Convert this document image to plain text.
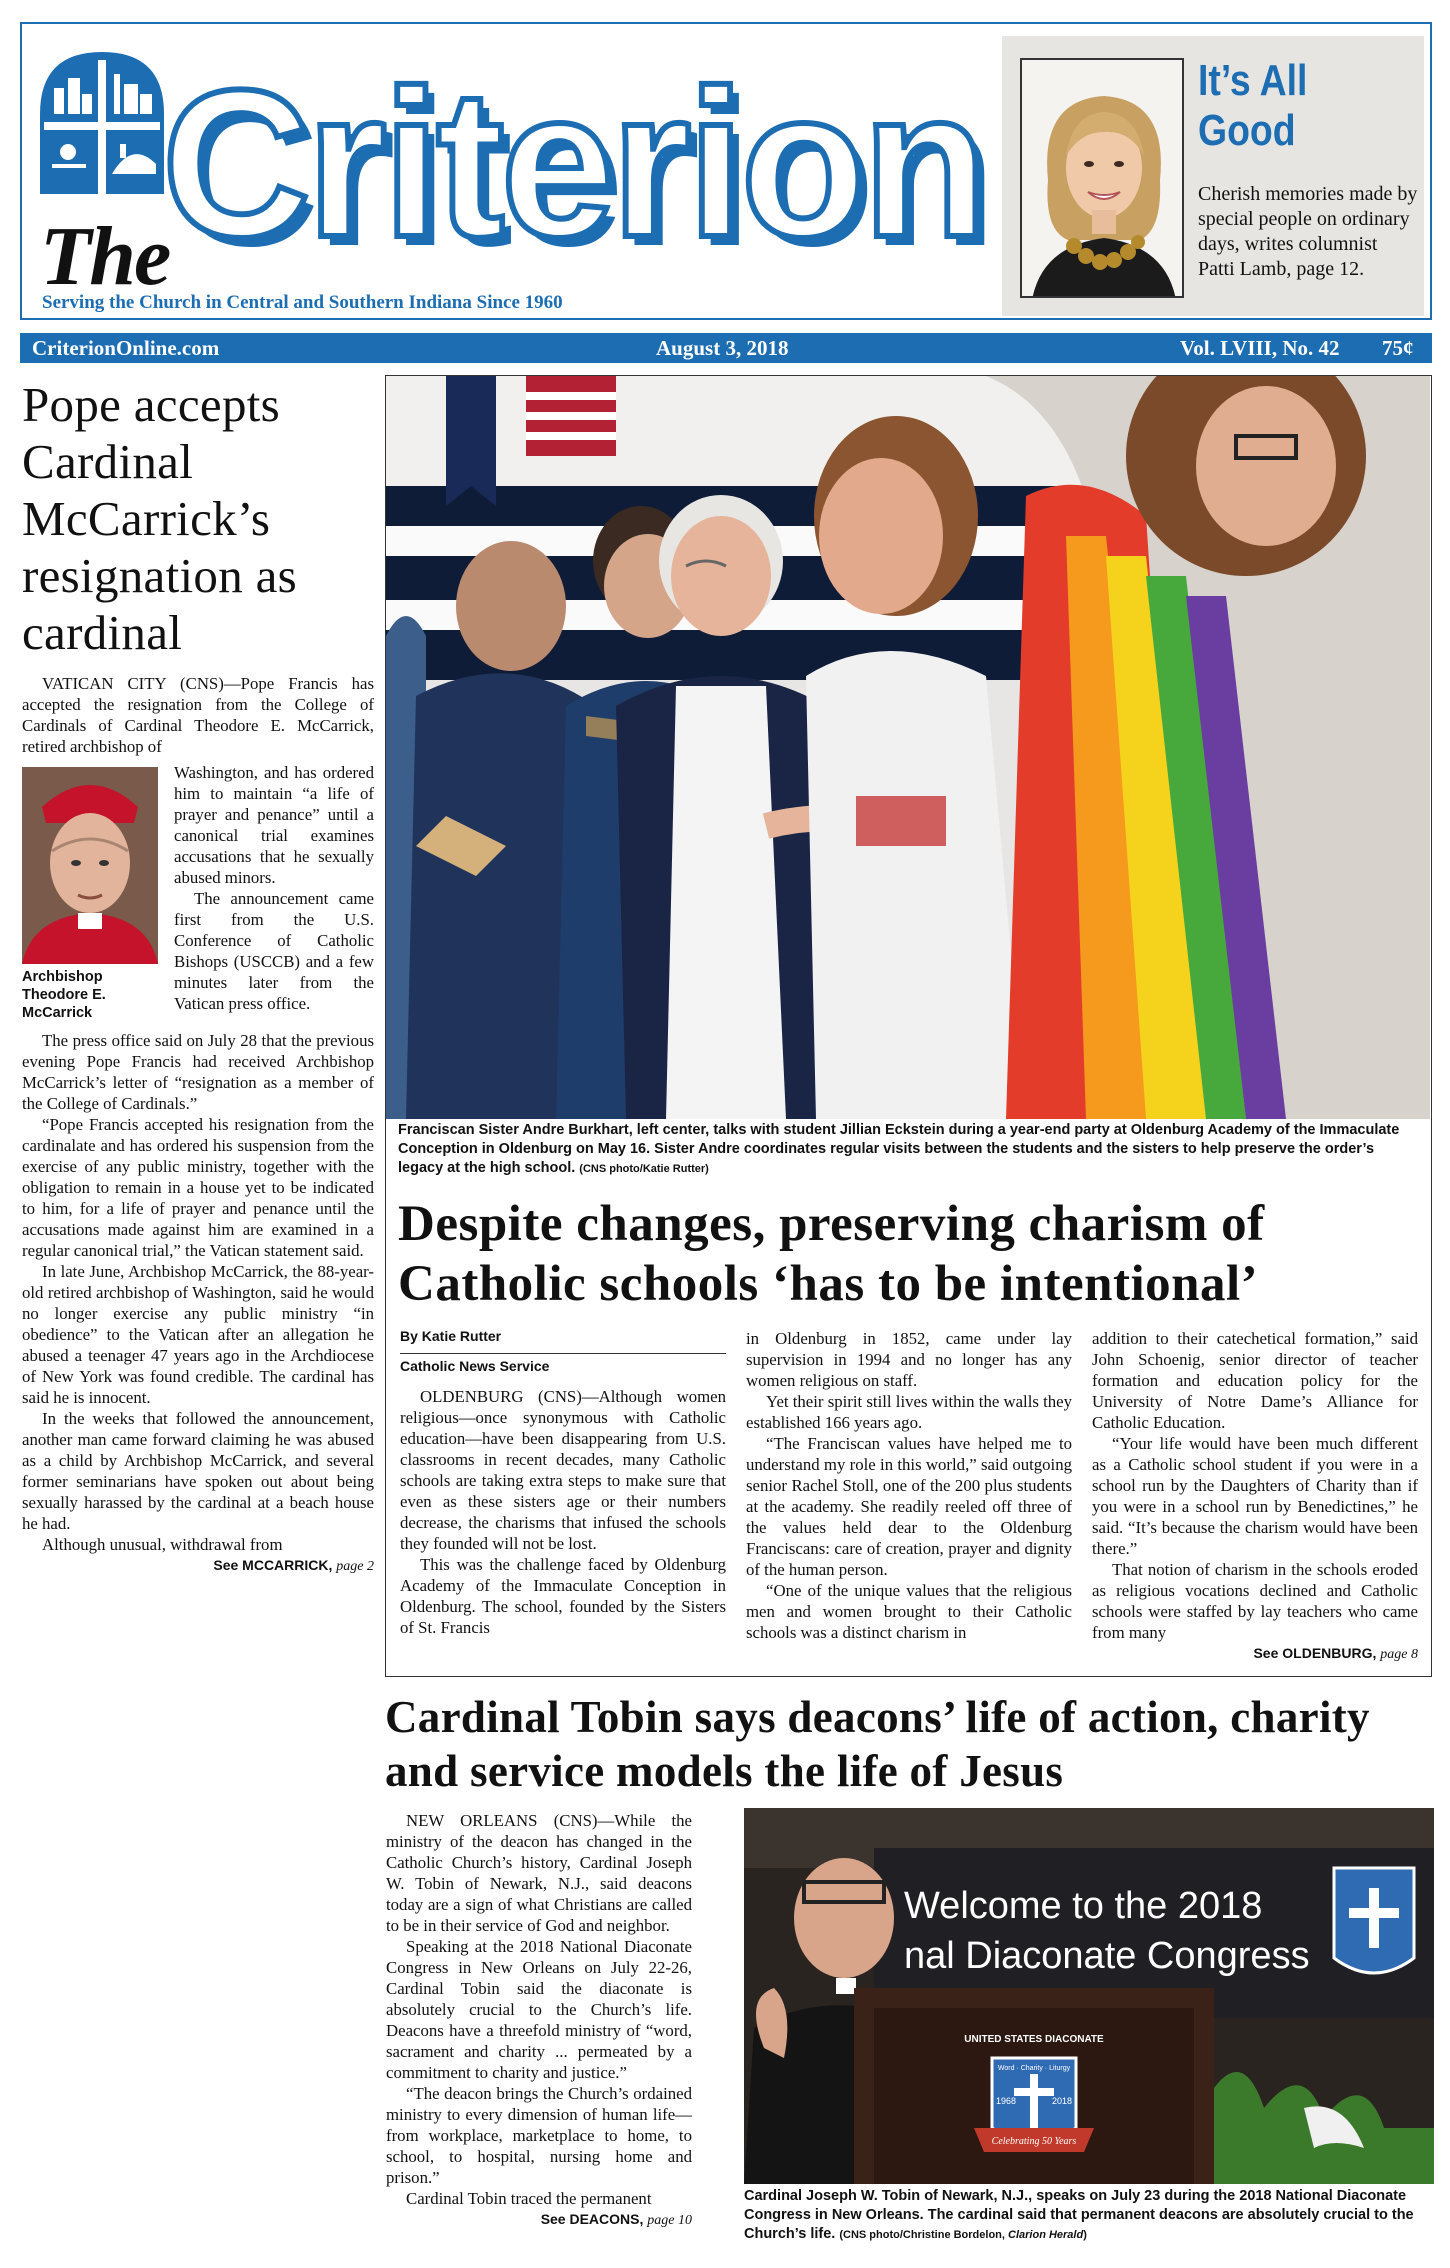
The
Criterion
Serving the Church in Central and Southern Indiana Since 1960
It’s All
Good
Cherish memories made by special people on ordinary days, writes columnist Patti Lamb, page 12.
CriterionOnline.com	August 3, 2018	Vol. LVIII, No. 42 75¢
Pope accepts Cardinal McCarrick’s resignation as cardinal

VATICAN CITY (CNS)—Pope Francis has accepted the resignation from the College of Cardinals of Cardinal Theodore E. McCarrick, retired archbishop of

Archbishop Theodore E. McCarrick

Washington, and has ordered him to maintain “a life of prayer and penance” until a canonical trial examines accusations that he sexually abused minors.

The announcement came first from the U.S. Conference of Catholic Bishops (USCCB) and a few minutes later from the Vatican press office.

The press office said on July 28 that the previous evening Pope Francis had received Archbishop McCarrick’s letter of “resignation as a member of the College of Cardinals.”

“Pope Francis accepted his resignation from the cardinalate and has ordered his suspension from the exercise of any public ministry, together with the obligation to remain in a house yet to be indicated to him, for a life of prayer and penance until the accusations made against him are examined in a regular canonical trial,” the Vatican statement said.

In late June, Archbishop McCarrick, the 88-year-old retired archbishop of Washington, said he would no longer exercise any public ministry “in obedience” to the Vatican after an allegation he abused a teenager 47 years ago in the Archdiocese of New York was found credible. The cardinal has said he is innocent.

In the weeks that followed the announcement, another man came forward claiming he was abused as a child by Archbishop McCarrick, and several former seminarians have spoken out about being sexually harassed by the cardinal at a beach house he had.

Although unusual, withdrawal from

See MCCARRICK, page 2
Franciscan Sister Andre Burkhart, left center, talks with student Jillian Eckstein during a year-end party at Oldenburg Academy of the Immaculate Conception in Oldenburg on May 16. Sister Andre coordinates regular visits between the students and the sisters to help preserve the order’s legacy at the high school. (CNS photo/Katie Rutter)
Despite changes, preserving charism of Catholic schools ‘has to be intentional’
By Katie Rutter
Catholic News Service

OLDENBURG (CNS)—Although women religious—once synonymous with Catholic education—have been disappearing from U.S. classrooms in recent decades, many Catholic schools are taking extra steps to make sure that even as these sisters age or their numbers decrease, the charisms that infused the schools they founded will not be lost.

This was the challenge faced by Oldenburg Academy of the Immaculate Conception in Oldenburg. The school, founded by the Sisters of St. Francis

in Oldenburg in 1852, came under lay supervision in 1994 and no longer has any women religious on staff.

Yet their spirit still lives within the walls they established 166 years ago.

“The Franciscan values have helped me to understand my role in this world,” said outgoing senior Rachel Stoll, one of the 200 plus students at the academy. She readily reeled off three of the values held dear to the Oldenburg Franciscans: care of creation, prayer and dignity of the human person.

“One of the unique values that the religious men and women brought to their Catholic schools was a distinct charism in

addition to their catechetical formation,” said John Schoenig, senior director of teacher formation and education policy for the University of Notre Dame’s Alliance for Catholic Education.

“Your life would have been much different as a Catholic school student if you were in a school run by the Daughters of Charity than if you were in a school run by Benedictines,” he said. “It’s because the charism would have been there.”

That notion of charism in the schools eroded as religious vocations declined and Catholic schools were staffed by lay teachers who came from many

See OLDENBURG, page 8
Cardinal Tobin says deacons’ life of action, charity and service models the life of Jesus

NEW ORLEANS (CNS)—While the ministry of the deacon has changed in the Catholic Church’s history, Cardinal Joseph W. Tobin of Newark, N.J., said deacons today are a sign of what Christians are called to be in their service of God and neighbor.

Speaking at the 2018 National Diaconate Congress in New Orleans on July 22-26, Cardinal Tobin said the diaconate is absolutely crucial to the Church’s life. Deacons have a threefold ministry of “word, sacrament and charity ... permeated by a commitment to charity and justice.”

“The deacon brings the Church’s ordained ministry to every dimension of human life—from workplace, marketplace to home, to school, to hospital, nursing home and prison.”

Cardinal Tobin traced the permanent

See DEACONS, page 10
Welcome to the 2018
nal Diaconate Congress
UNITED STATES DIACONATE
Word · Charity · Liturgy
1968	2018
Celebrating 50 Years
Cardinal Joseph W. Tobin of Newark, N.J., speaks on July 23 during the 2018 National Diaconate Congress in New Orleans. The cardinal said that permanent deacons are absolutely crucial to the Church’s life. (CNS photo/Christine Bordelon, Clarion Herald)
